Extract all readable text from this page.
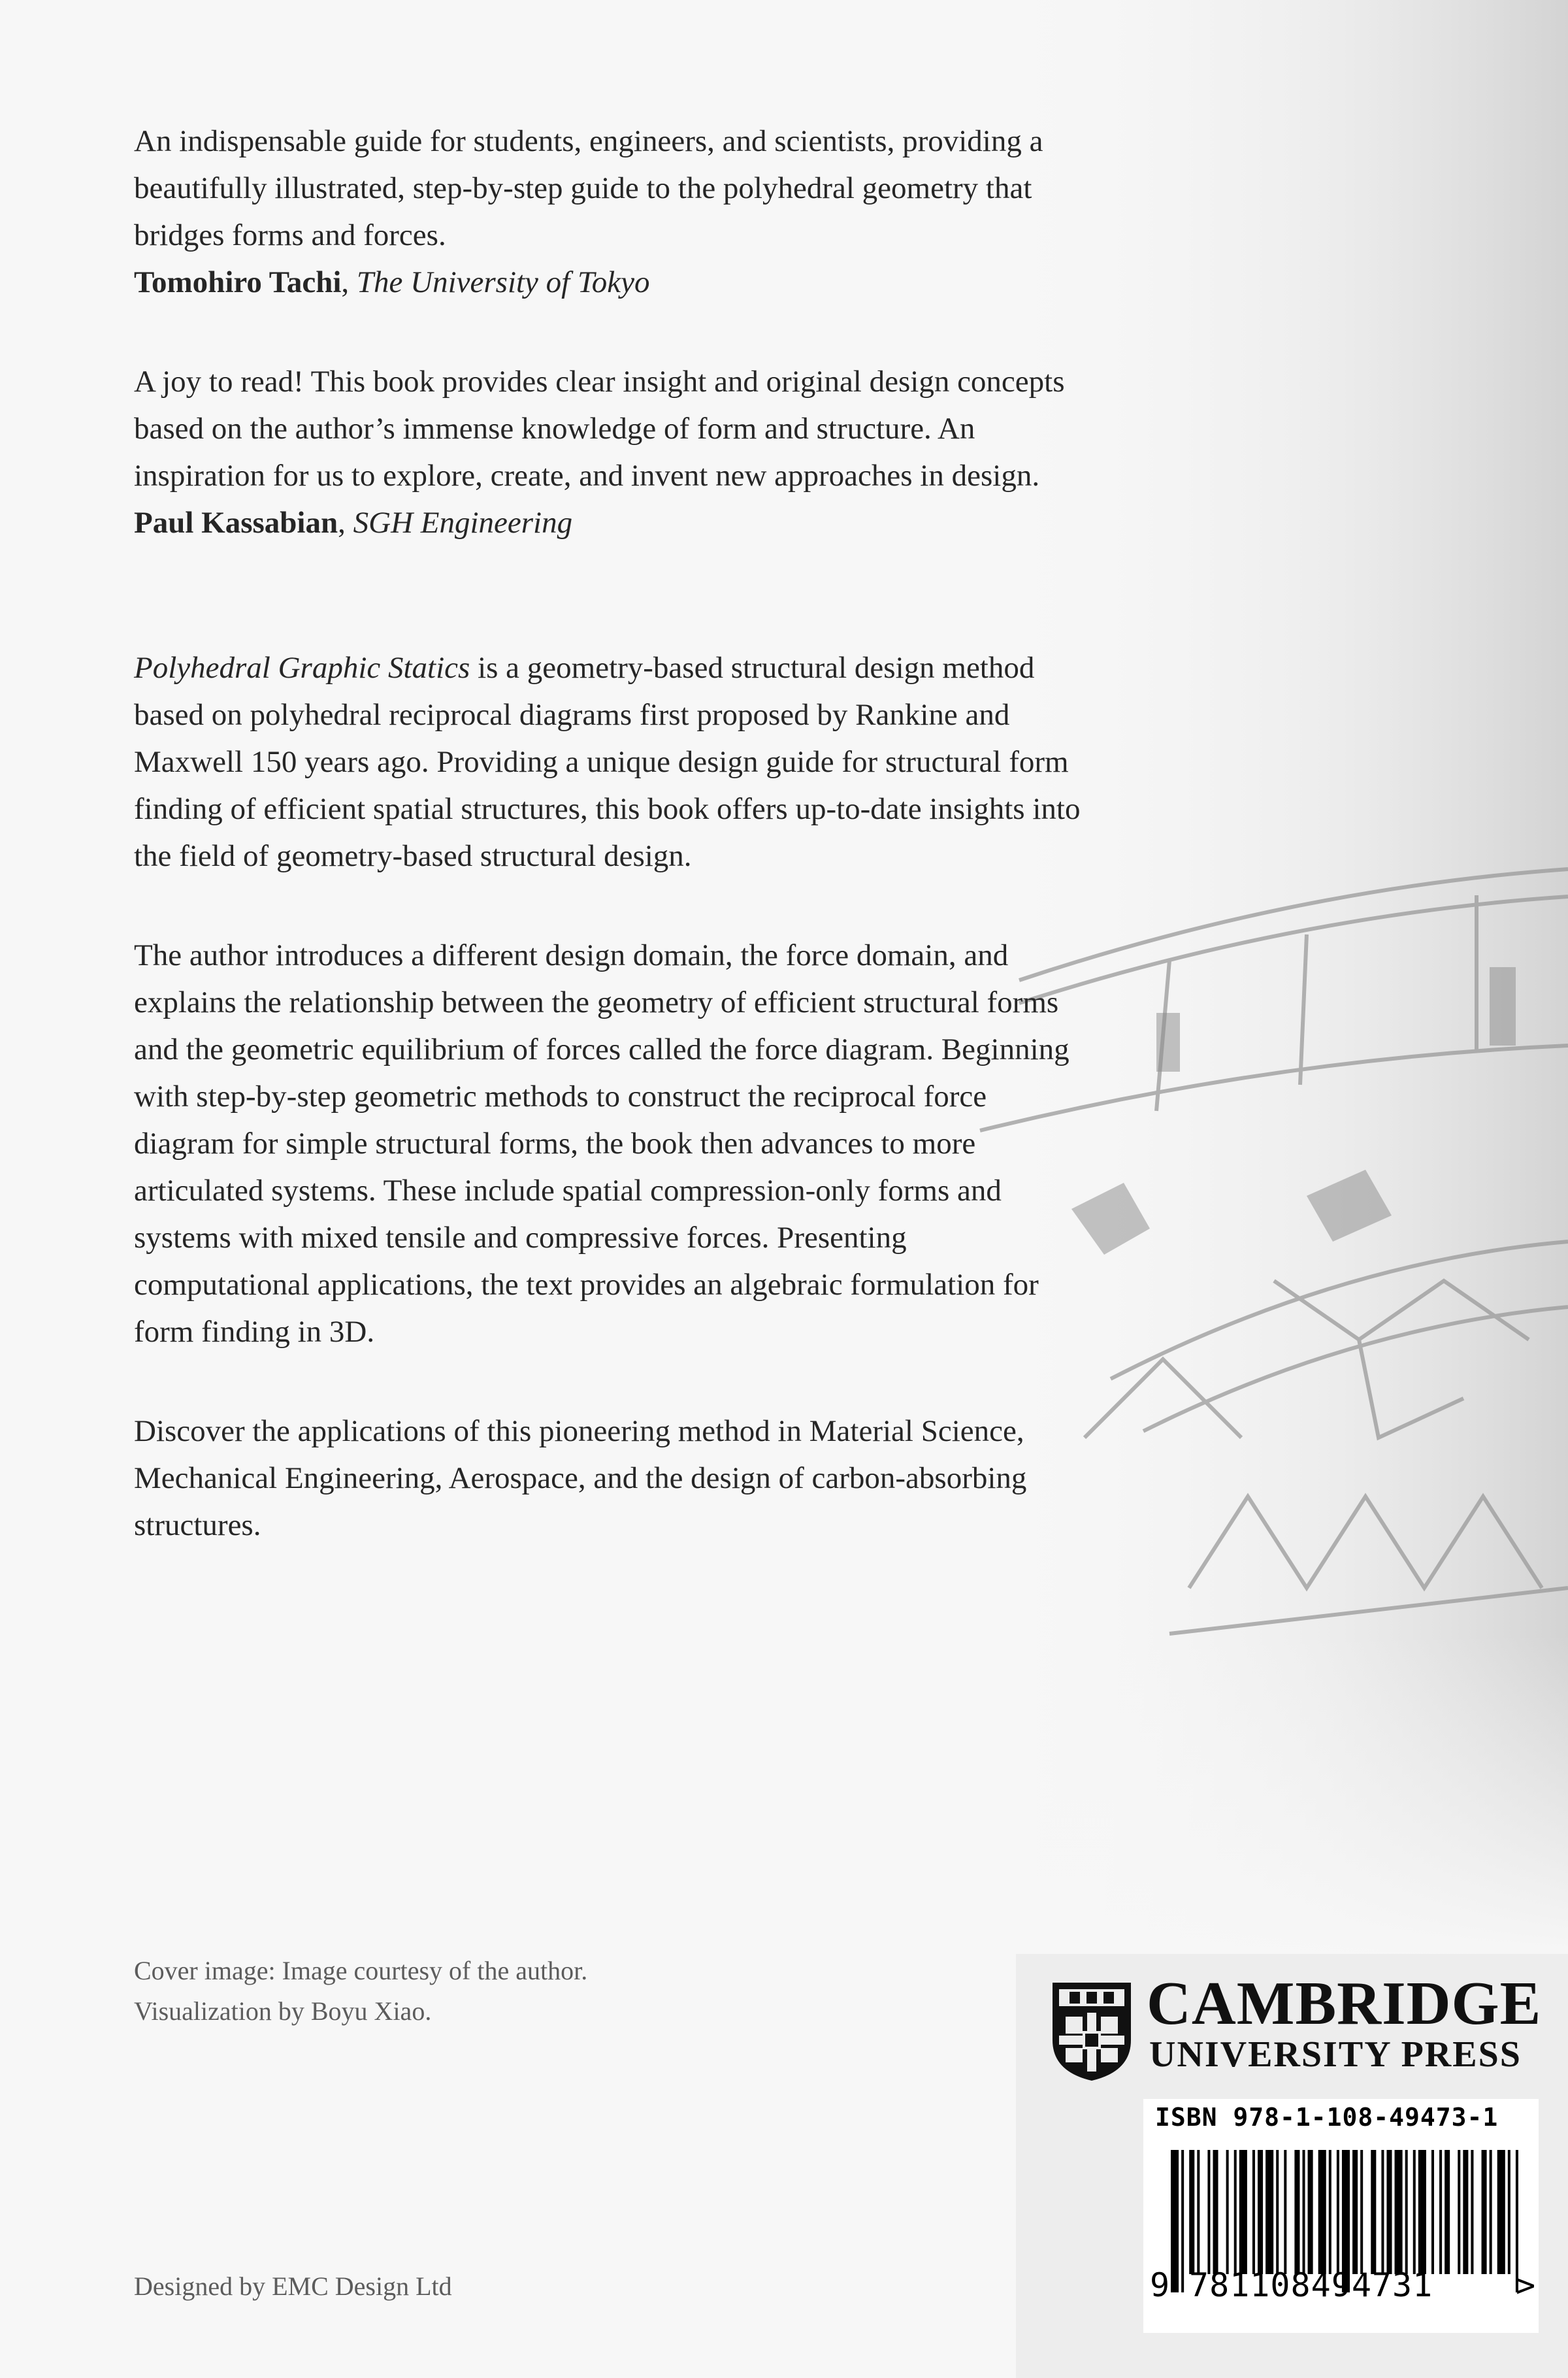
An indispensable guide for students, engineers, and scientists, providing a beautifully illustrated, step-by-step guide to the polyhedral geometry that bridges forms and forces.
Tomohiro Tachi, The University of Tokyo

A joy to read! This book provides clear insight and original design concepts based on the author’s immense knowledge of form and structure. An inspiration for us to explore, create, and invent new approaches in design.
Paul Kassabian, SGH Engineering

Polyhedral Graphic Statics is a geometry-based structural design method based on polyhedral reciprocal diagrams first proposed by Rankine and Maxwell 150 years ago. Providing a unique design guide for structural form finding of efficient spatial structures, this book offers up-to-date insights into the field of geometry-based structural design.

The author introduces a different design domain, the force domain, and explains the relationship between the geometry of efficient structural forms and the geometric equilibrium of forces called the force diagram. Beginning with step-by-step geometric methods to construct the reciprocal force diagram for simple structural forms, the book then advances to more articulated systems. These include spatial compression-only forms and systems with mixed tensile and compressive forces. Presenting computational applications, the text provides an algebraic formulation for form finding in 3D.

Discover the applications of this pioneering method in Material Science, Mechanical Engineering, Aerospace, and the design of carbon-absorbing structures.

Cover image: Image courtesy of the author.
Visualization by Boyu Xiao.
Designed by EMC Design Ltd
CAMBRIDGE
UNIVERSITY PRESS
ISBN 978-1-108-49473-1
9 781108494731	>
